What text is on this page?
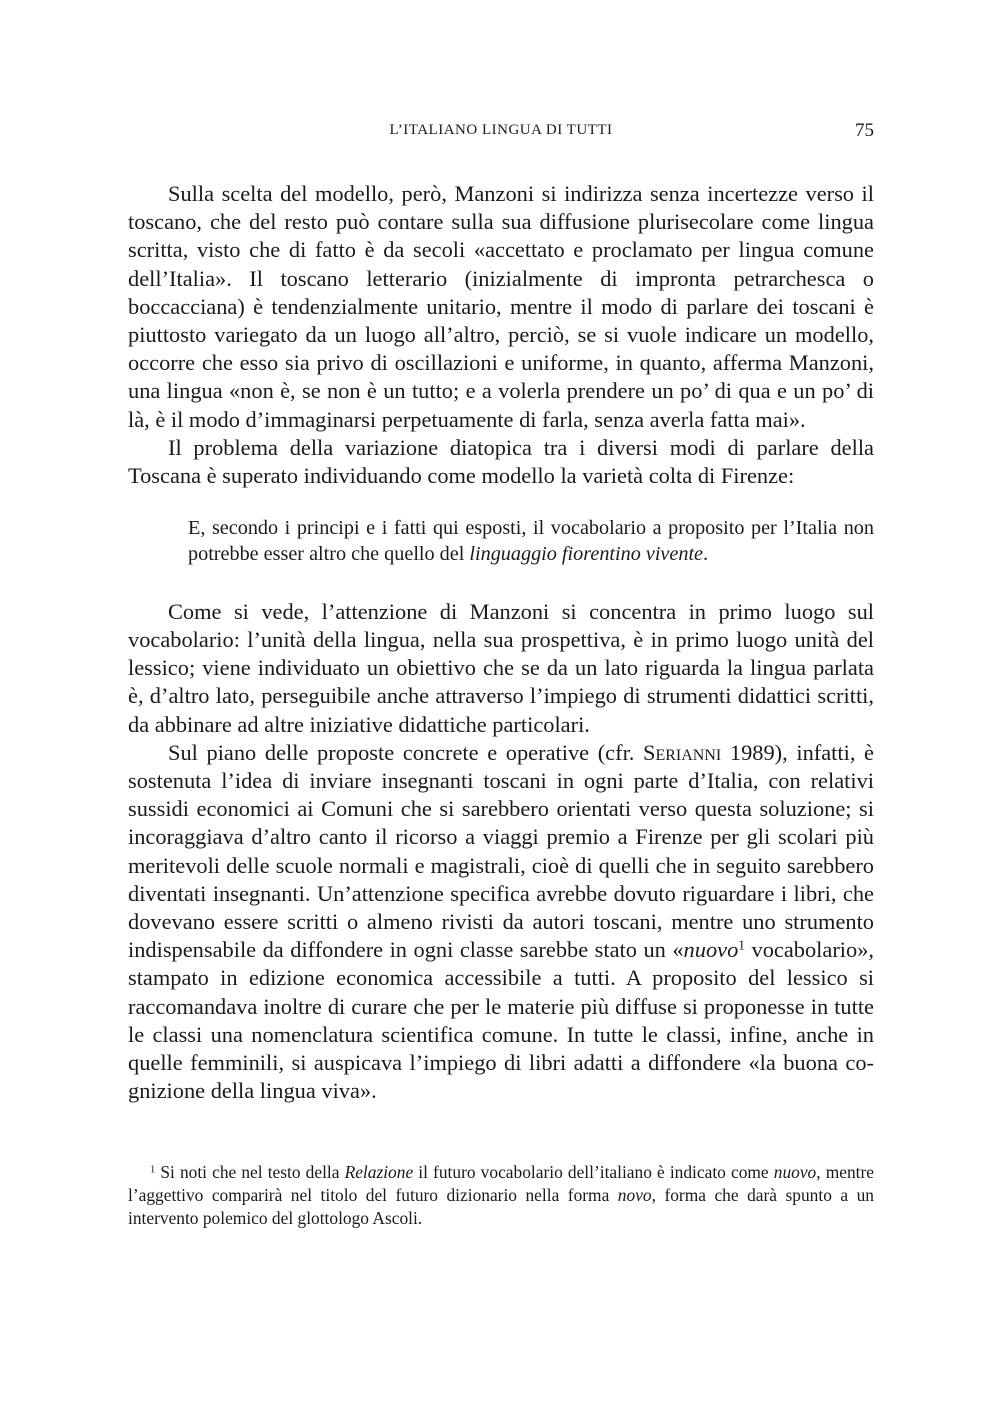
L’ITALIANO LINGUA DI TUTTI	75

Sulla scelta del modello, però, Manzoni si indirizza senza incertezze verso il toscano, che del resto può contare sulla sua diffusione plurisecolare come lingua scritta, visto che di fatto è da secoli «accettato e proclamato per lingua comune dell’Italia». Il toscano letterario (inizialmente di impronta petrarchesca o boccacciana) è tendenzialmente unitario, mentre il modo di parlare dei toscani è piuttosto variegato da un luogo all’altro, perciò, se si vuole indicare un modello, occorre che esso sia privo di oscillazioni e uniforme, in quanto, afferma Manzoni, una lingua «non è, se non è un tutto; e a volerla prendere un po’ di qua e un po’ di là, è il modo d’immaginarsi perpetuamente di farla, senza averla fatta mai».

Il problema della variazione diatopica tra i diversi modi di parlare della Toscana è superato individuando come modello la varietà colta di Firenze:

E, secondo i principi e i fatti qui esposti, il vocabolario a proposito per l’Italia non potrebbe esser altro che quello del linguaggio fiorentino vivente.

Come si vede, l’attenzione di Manzoni si concentra in primo luogo sul vocabolario: l’unità della lingua, nella sua prospettiva, è in primo luogo unità del lessico; viene individuato un obiettivo che se da un lato riguarda la lingua parlata è, d’altro lato, perseguibile anche attraverso l’impiego di strumenti didattici scritti, da abbinare ad altre iniziative didattiche particolari.

Sul piano delle proposte concrete e operative (cfr. Serianni 1989), infatti, è sostenuta l’idea di inviare insegnanti toscani in ogni parte d’Italia, con relativi sussidi economici ai Comuni che si sarebbero orientati verso questa soluzione; si incoraggiava d’altro canto il ricorso a viaggi premio a Firenze per gli scolari più meritevoli delle scuole normali e magistrali, cioè di quelli che in seguito sarebbero diventati insegnanti. Un’attenzione specifica avrebbe dovuto riguardare i libri, che dovevano essere scritti o almeno rivisti da autori toscani, mentre uno strumento indispensabile da diffondere in ogni classe sarebbe stato un «nuovo$^1$ vocabolario», stampato in edizione economica accessibile a tutti. A proposito del lessico si raccomandava inoltre di curare che per le materie più diffuse si proponesse in tutte le classi una nomenclatura scientifica comune. In tutte le classi, infine, anche in quelle femminili, si auspicava l’impiego di libri adatti a diffondere «la buona cognizione della lingua viva».

$^1$ Si noti che nel testo della Relazione il futuro vocabolario dell’italiano è indicato come nuovo, mentre l’aggettivo comparirà nel titolo del futuro dizionario nella forma novo, forma che darà spunto a un intervento polemico del glottologo Ascoli.
